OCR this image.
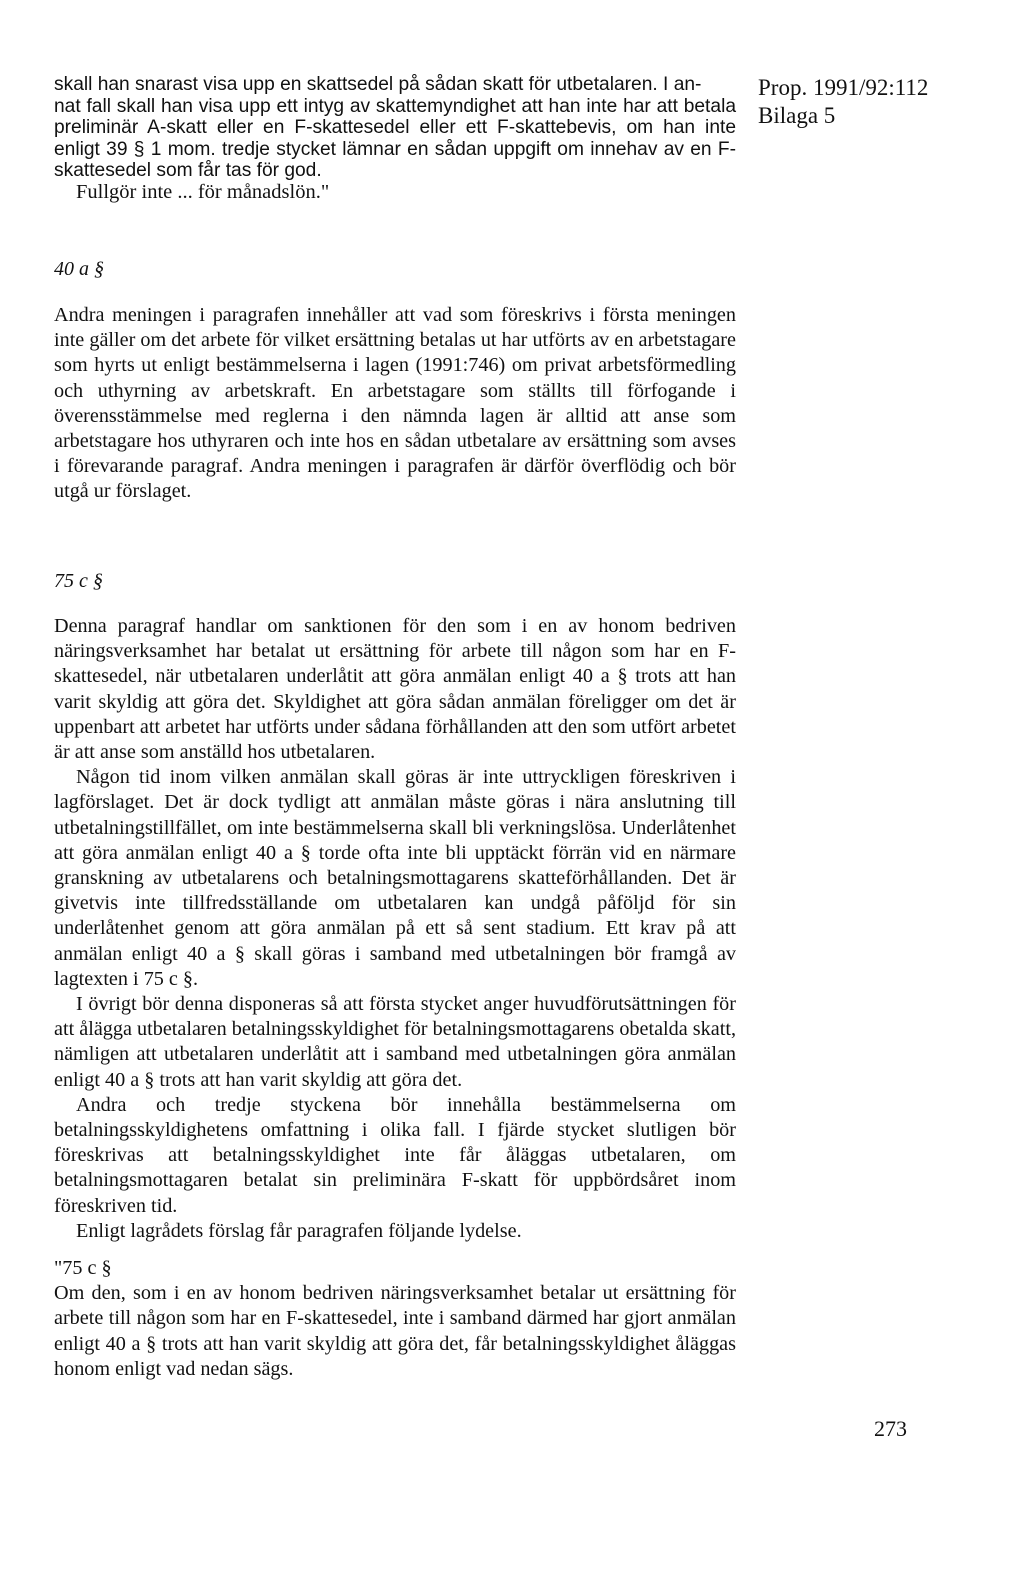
Prop. 1991/92:112
Bilaga 5

skall han snarast visa upp en skattsedel på sådan skatt för utbetalaren. I an-

nat fall skall han visa upp ett intyg av skattemyndighet att han inte har att betala preliminär A-skatt eller en F-skattesedel eller ett F-skattebevis, om han inte enligt 39 § 1 mom. tredje stycket lämnar en sådan uppgift om innehav av en F-skattesedel som får tas för god.

Fullgör inte ... för månadslön."

40 a §

Andra meningen i paragrafen innehåller att vad som föreskrivs i första meningen inte gäller om det arbete för vilket ersättning betalas ut har utförts av en arbetstagare som hyrts ut enligt bestämmelserna i lagen (1991:746) om privat arbetsförmedling och uthyrning av arbetskraft. En arbetstagare som ställts till förfogande i överensstämmelse med reglerna i den nämnda lagen är alltid att anse som arbetstagare hos uthyraren och inte hos en sådan utbetalare av ersättning som avses i förevarande paragraf. Andra meningen i paragrafen är därför överflödig och bör utgå ur förslaget.

75 c §

Denna paragraf handlar om sanktionen för den som i en av honom bedriven näringsverksamhet har betalat ut ersättning för arbete till någon som har en F-skattesedel, när utbetalaren underlåtit att göra anmälan enligt 40 a § trots att han varit skyldig att göra det. Skyldighet att göra sådan anmälan föreligger om det är uppenbart att arbetet har utförts under sådana förhållanden att den som utfört arbetet är att anse som anställd hos utbetalaren.

Någon tid inom vilken anmälan skall göras är inte uttryckligen föreskriven i lagförslaget. Det är dock tydligt att anmälan måste göras i nära anslutning till utbetalningstillfället, om inte bestämmelserna skall bli verkningslösa. Underlåtenhet att göra anmälan enligt 40 a § torde ofta inte bli upptäckt förrän vid en närmare granskning av utbetalarens och betalningsmottagarens skatteförhållanden. Det är givetvis inte tillfredsställande om utbetalaren kan undgå påföljd för sin underlåtenhet genom att göra anmälan på ett så sent stadium. Ett krav på att anmälan enligt 40 a § skall göras i samband med utbetalningen bör framgå av lagtexten i 75 c §.

I övrigt bör denna disponeras så att första stycket anger huvudförutsättningen för att ålägga utbetalaren betalningsskyldighet för betalningsmottagarens obetalda skatt, nämligen att utbetalaren underlåtit att i samband med utbetalningen göra anmälan enligt 40 a § trots att han varit skyldig att göra det.

Andra och tredje styckena bör innehålla bestämmelserna om betalningsskyldighetens omfattning i olika fall. I fjärde stycket slutligen bör föreskrivas att betalningsskyldighet inte får åläggas utbetalaren, om betalningsmottagaren betalat sin preliminära F-skatt för uppbördsåret inom föreskriven tid.

Enligt lagrådets förslag får paragrafen följande lydelse.

"75 c §

Om den, som i en av honom bedriven näringsverksamhet betalar ut ersättning för arbete till någon som har en F-skattesedel, inte i samband därmed har gjort anmälan enligt 40 a § trots att han varit skyldig att göra det, får betalningsskyldighet åläggas honom enligt vad nedan sägs.

273
